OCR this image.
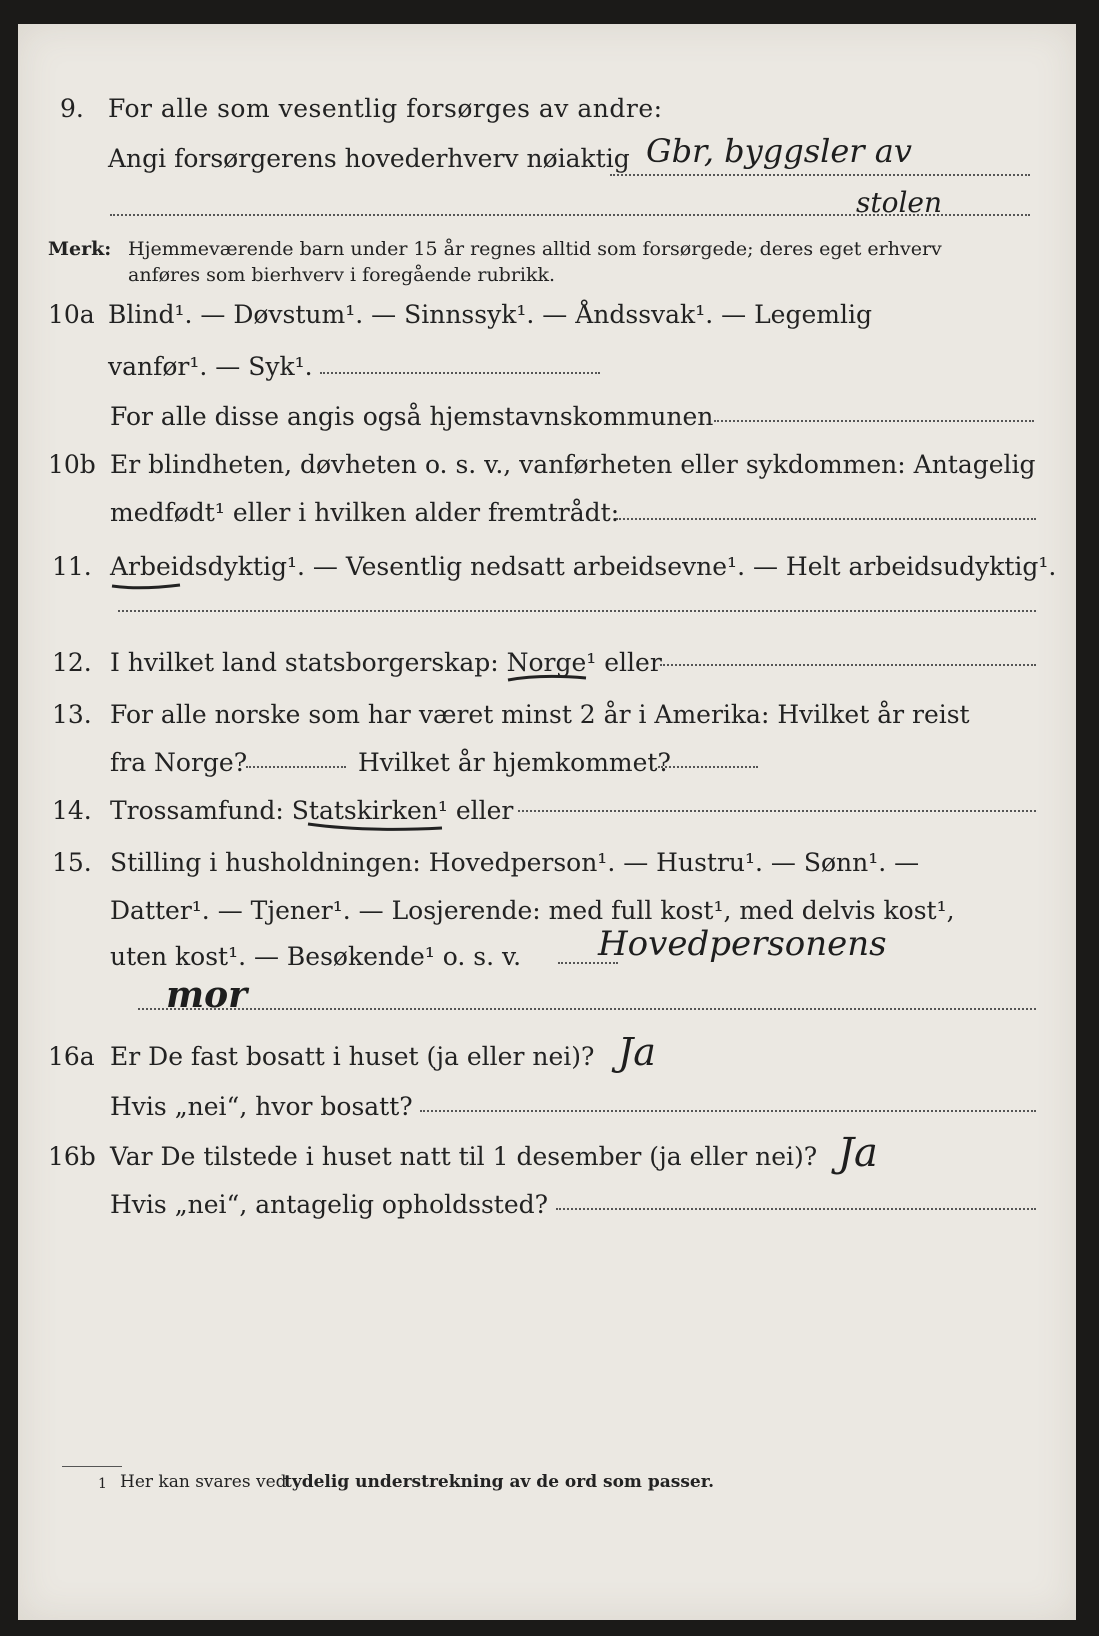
9. For alle som vesentlig forsørges av andre:
Angi forsørgerens hovederhverv nøiaktig Gbr, byggsler av
stolen
Merk: Hjemmeværende barn under 15 år regnes alltid som forsørgede; deres eget erhverv
anføres som bierhverv i foregående rubrikk.
10a Blind¹. — Døvstum¹. — Sinnssyk¹. — Åndssvak¹. — Legemlig
vanfør¹. — Syk¹.
For alle disse angis også hjemstavnskommunen
10b Er blindheten, døvheten o. s. v., vanførheten eller sykdommen: Antagelig
medfødt¹ eller i hvilken alder fremtrådt:
11. Arbeidsdyktig¹. — Vesentlig nedsatt arbeidsevne¹. — Helt arbeidsudyktig¹.
12. I hvilket land statsborgerskap: Norge¹ eller
13. For alle norske som har været minst 2 år i Amerika: Hvilket år reist
fra Norge?	Hvilket år hjemkommet?
14. Trossamfund: Statskirken¹ eller
15. Stilling i husholdningen: Hovedperson¹. — Hustru¹. — Sønn¹. —
Datter¹. — Tjener¹. — Losjerende: med full kost¹, med delvis kost¹,
uten kost¹. — Besøkende¹ o. s. v. Hovedpersonens
mor
16a Er De fast bosatt i huset (ja eller nei)? Ja
Hvis „nei“, hvor bosatt?
16b Var De tilstede i huset natt til 1 desember (ja eller nei)? Ja
Hvis „nei“, antagelig opholdssted?
1 Her kan svares ved
tydelig understrekning av de ord som passer.
